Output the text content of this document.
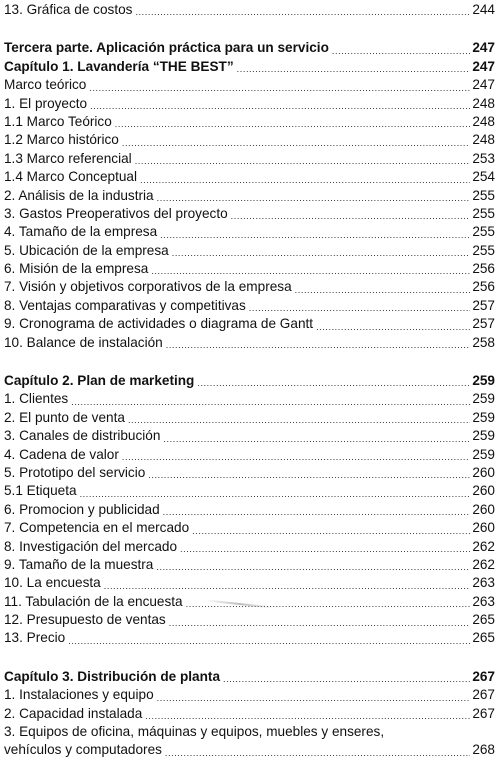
13. Gráfica de costos .....	244
Tercera parte. Aplicación práctica para un servicio .....	247
Capítulo 1. Lavandería “THE BEST” .....	247
Marco teórico .....	247
1. El proyecto .....	248
1.1 Marco Teórico .....	248
1.2 Marco histórico .....	248
1.3 Marco referencial .....	253
1.4 Marco Conceptual .....	254
2. Análisis de la industria .....	255
3. Gastos Preoperativos del proyecto .....	255
4. Tamaño de la empresa .....	255
5. Ubicación de la empresa .....	255
6. Misión de la empresa .....	256
7. Visión y objetivos corporativos de la empresa .....	256
8. Ventajas comparativas y competitivas .....	257
9. Cronograma de actividades o diagrama de Gantt .....	257
10. Balance de instalación .....	258
Capítulo 2. Plan de marketing .....	259
1. Clientes .....	259
2. El punto de venta .....	259
3. Canales de distribución .....	259
4. Cadena de valor .....	259
5. Prototipo del servicio .....	260
5.1 Etiqueta .....	260
6. Promocion y publicidad .....	260
7. Competencia en el mercado .....	260
8. Investigación del mercado .....	262
9. Tamaño de la muestra .....	262
10. La encuesta .....	263
11. Tabulación de la encuesta .....	263
12. Presupuesto de ventas .....	265
13. Precio .....	265
Capítulo 3. Distribución de planta .....	267
1. Instalaciones y equipo .....	267
2. Capacidad instalada .....	267
3. Equipos de oficina, máquinas y equipos, muebles y enseres,
vehículos y computadores .....	268
